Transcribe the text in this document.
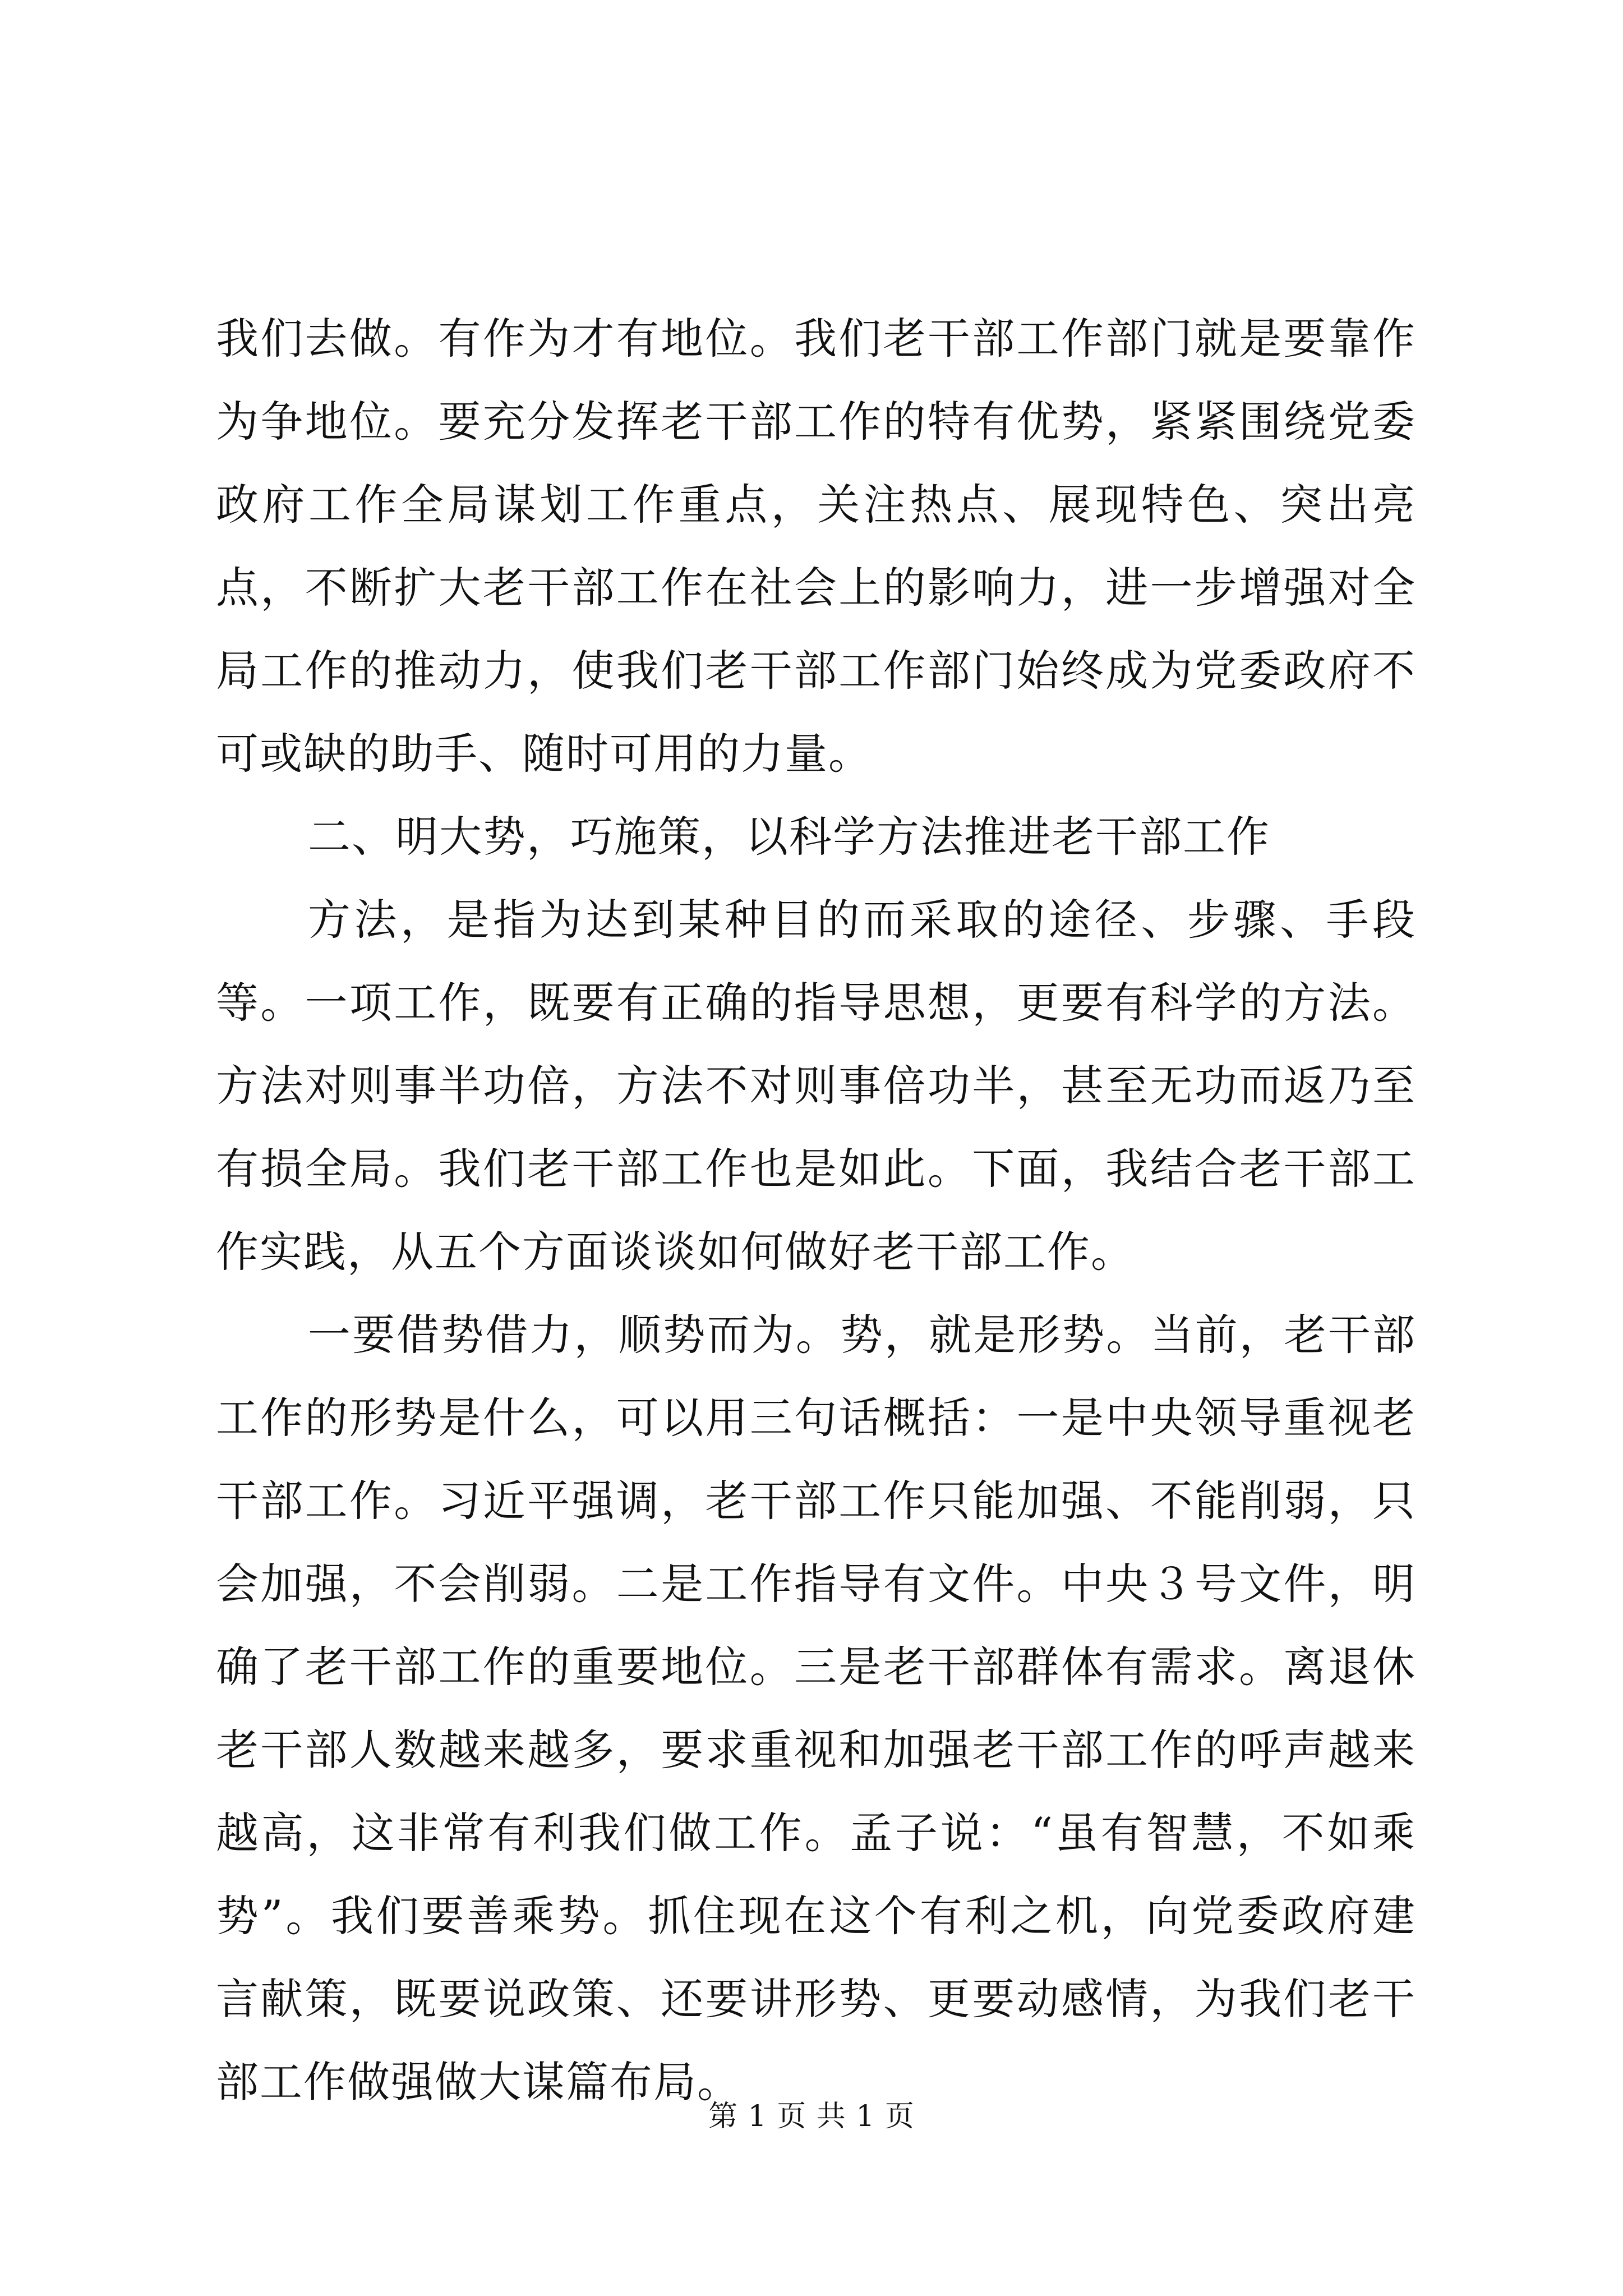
我们去做。有作为才有地位。我们老干部工作部门就是要靠作为争地位。要充分发挥老干部工作的特有优势，紧紧围绕党委政府工作全局谋划工作重点，关注热点、展现特色、突出亮点，不断扩大老干部工作在社会上的影响力，进一步增强对全局工作的推动力，使我们老干部工作部门始终成为党委政府不可或缺的助手、随时可用的力量。

二、明大势，巧施策，以科学方法推进老干部工作

方法，是指为达到某种目的而采取的途径、步骤、手段等。一项工作，既要有正确的指导思想，更要有科学的方法。方法对则事半功倍，方法不对则事倍功半，甚至无功而返乃至有损全局。我们老干部工作也是如此。下面，我结合老干部工作实践，从五个方面谈谈如何做好老干部工作。

一要借势借力，顺势而为。势，就是形势。当前，老干部工作的形势是什么，可以用三句话概括：一是中央领导重视老干部工作。习近平强调，老干部工作只能加强、不能削弱，只会加强，不会削弱。二是工作指导有文件。中央３号文件，明确了老干部工作的重要地位。三是老干部群体有需求。离退休老干部人数越来越多，要求重视和加强老干部工作的呼声越来越高，这非常有利我们做工作。孟子说：“虽有智慧，不如乘势”。我们要善乘势。抓住现在这个有利之机，向党委政府建言献策，既要说政策、还要讲形势、更要动感情，为我们老干部工作做强做大谋篇布局。

第 1 页 共 1 页
